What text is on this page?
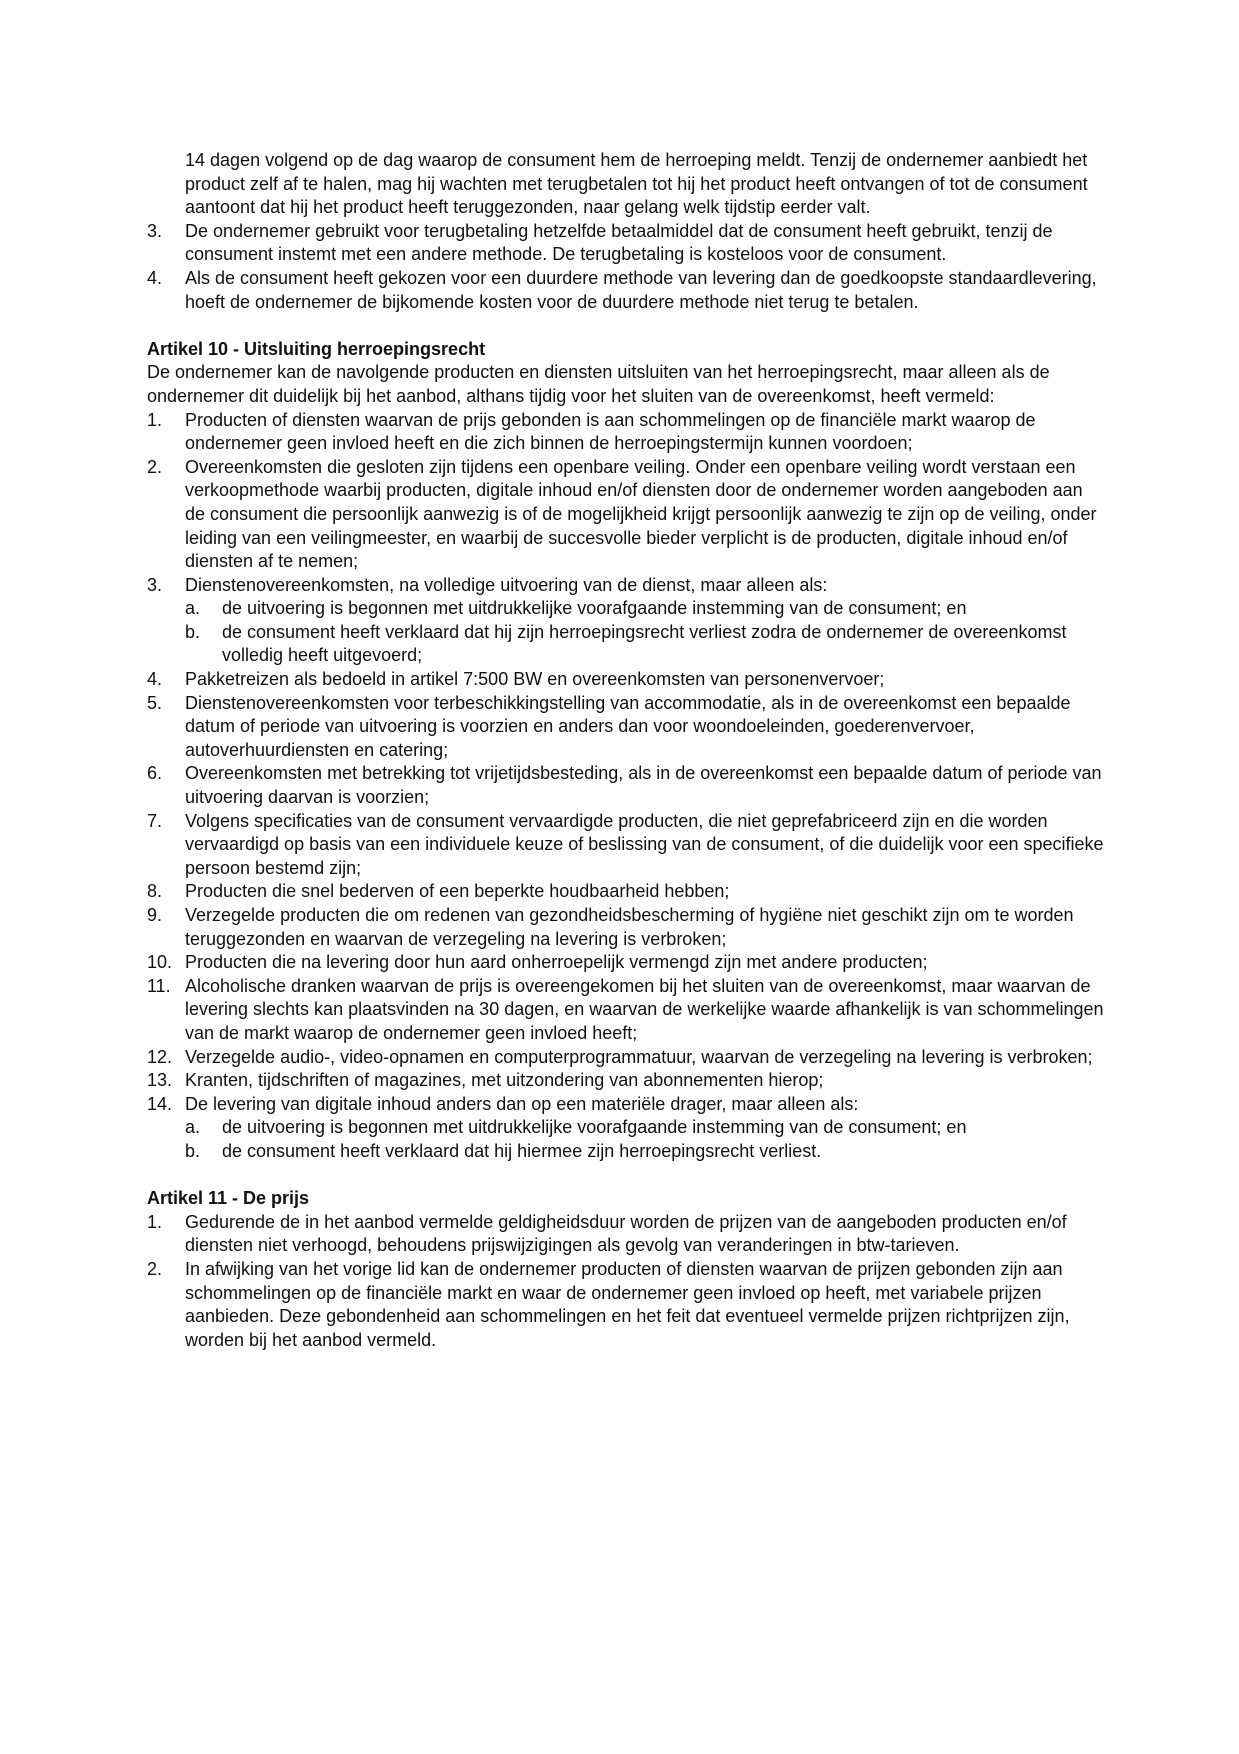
14 dagen volgend op de dag waarop de consument hem de herroeping meldt. Tenzij de ondernemer aanbiedt het product zelf af te halen, mag hij wachten met terugbetalen tot hij het product heeft ontvangen of tot de consument aantoont dat hij het product heeft teruggezonden, naar gelang welk tijdstip eerder valt.

3.	De ondernemer gebruikt voor terugbetaling hetzelfde betaalmiddel dat de consument heeft gebruikt, tenzij de consument instemt met een andere methode. De terugbetaling is kosteloos voor de consument.
4.	Als de consument heeft gekozen voor een duurdere methode van levering dan de goedkoopste standaardlevering, hoeft de ondernemer de bijkomende kosten voor de duurdere methode niet terug te betalen.
Artikel 10 - Uitsluiting herroepingsrecht

De ondernemer kan de navolgende producten en diensten uitsluiten van het herroepingsrecht, maar alleen als de ondernemer dit duidelijk bij het aanbod, althans tijdig voor het sluiten van de overeenkomst, heeft vermeld:

1.	Producten of diensten waarvan de prijs gebonden is aan schommelingen op de financiële markt waarop de ondernemer geen invloed heeft en die zich binnen de herroepingstermijn kunnen voordoen;
2.	Overeenkomsten die gesloten zijn tijdens een openbare veiling. Onder een openbare veiling wordt verstaan een verkoopmethode waarbij producten, digitale inhoud en/of diensten door de ondernemer worden aangeboden aan de consument die persoonlijk aanwezig is of de mogelijkheid krijgt persoonlijk aanwezig te zijn op de veiling, onder leiding van een veilingmeester, en waarbij de succesvolle bieder verplicht is de producten, digitale inhoud en/of diensten af te nemen;
3.	Dienstenovereenkomsten, na volledige uitvoering van de dienst, maar alleen als:
a.	de uitvoering is begonnen met uitdrukkelijke voorafgaande instemming van de consument; en
b.	de consument heeft verklaard dat hij zijn herroepingsrecht verliest zodra de ondernemer de overeenkomst volledig heeft uitgevoerd;
4.	Pakketreizen als bedoeld in artikel 7:500 BW en overeenkomsten van personenvervoer;
5.	Dienstenovereenkomsten voor terbeschikkingstelling van accommodatie, als in de overeenkomst een bepaalde datum of periode van uitvoering is voorzien en anders dan voor woondoeleinden, goederenvervoer, autoverhuurdiensten en catering;
6.	Overeenkomsten met betrekking tot vrijetijdsbesteding, als in de overeenkomst een bepaalde datum of periode van uitvoering daarvan is voorzien;
7.	Volgens specificaties van de consument vervaardigde producten, die niet geprefabriceerd zijn en die worden vervaardigd op basis van een individuele keuze of beslissing van de consument, of die duidelijk voor een specifieke persoon bestemd zijn;
8.	Producten die snel bederven of een beperkte houdbaarheid hebben;
9.	Verzegelde producten die om redenen van gezondheidsbescherming of hygiëne niet geschikt zijn om te worden teruggezonden en waarvan de verzegeling na levering is verbroken;
10. Producten die na levering door hun aard onherroepelijk vermengd zijn met andere producten;
11. Alcoholische dranken waarvan de prijs is overeengekomen bij het sluiten van de overeenkomst, maar waarvan de levering slechts kan plaatsvinden na 30 dagen, en waarvan de werkelijke waarde afhankelijk is van schommelingen van de markt waarop de ondernemer geen invloed heeft;
12. Verzegelde audio-, video-opnamen en computerprogrammatuur, waarvan de verzegeling na levering is verbroken;
13. Kranten, tijdschriften of magazines, met uitzondering van abonnementen hierop;
14. De levering van digitale inhoud anders dan op een materiële drager, maar alleen als:
a.	de uitvoering is begonnen met uitdrukkelijke voorafgaande instemming van de consument; en
b.	de consument heeft verklaard dat hij hiermee zijn herroepingsrecht verliest.
Artikel 11 - De prijs
1.	Gedurende de in het aanbod vermelde geldigheidsduur worden de prijzen van de aangeboden producten en/of diensten niet verhoogd, behoudens prijswijzigingen als gevolg van veranderingen in btw-tarieven.
2.	In afwijking van het vorige lid kan de ondernemer producten of diensten waarvan de prijzen gebonden zijn aan schommelingen op de financiële markt en waar de ondernemer geen invloed op heeft, met variabele prijzen aanbieden. Deze gebondenheid aan schommelingen en het feit dat eventueel vermelde prijzen richtprijzen zijn, worden bij het aanbod vermeld.
